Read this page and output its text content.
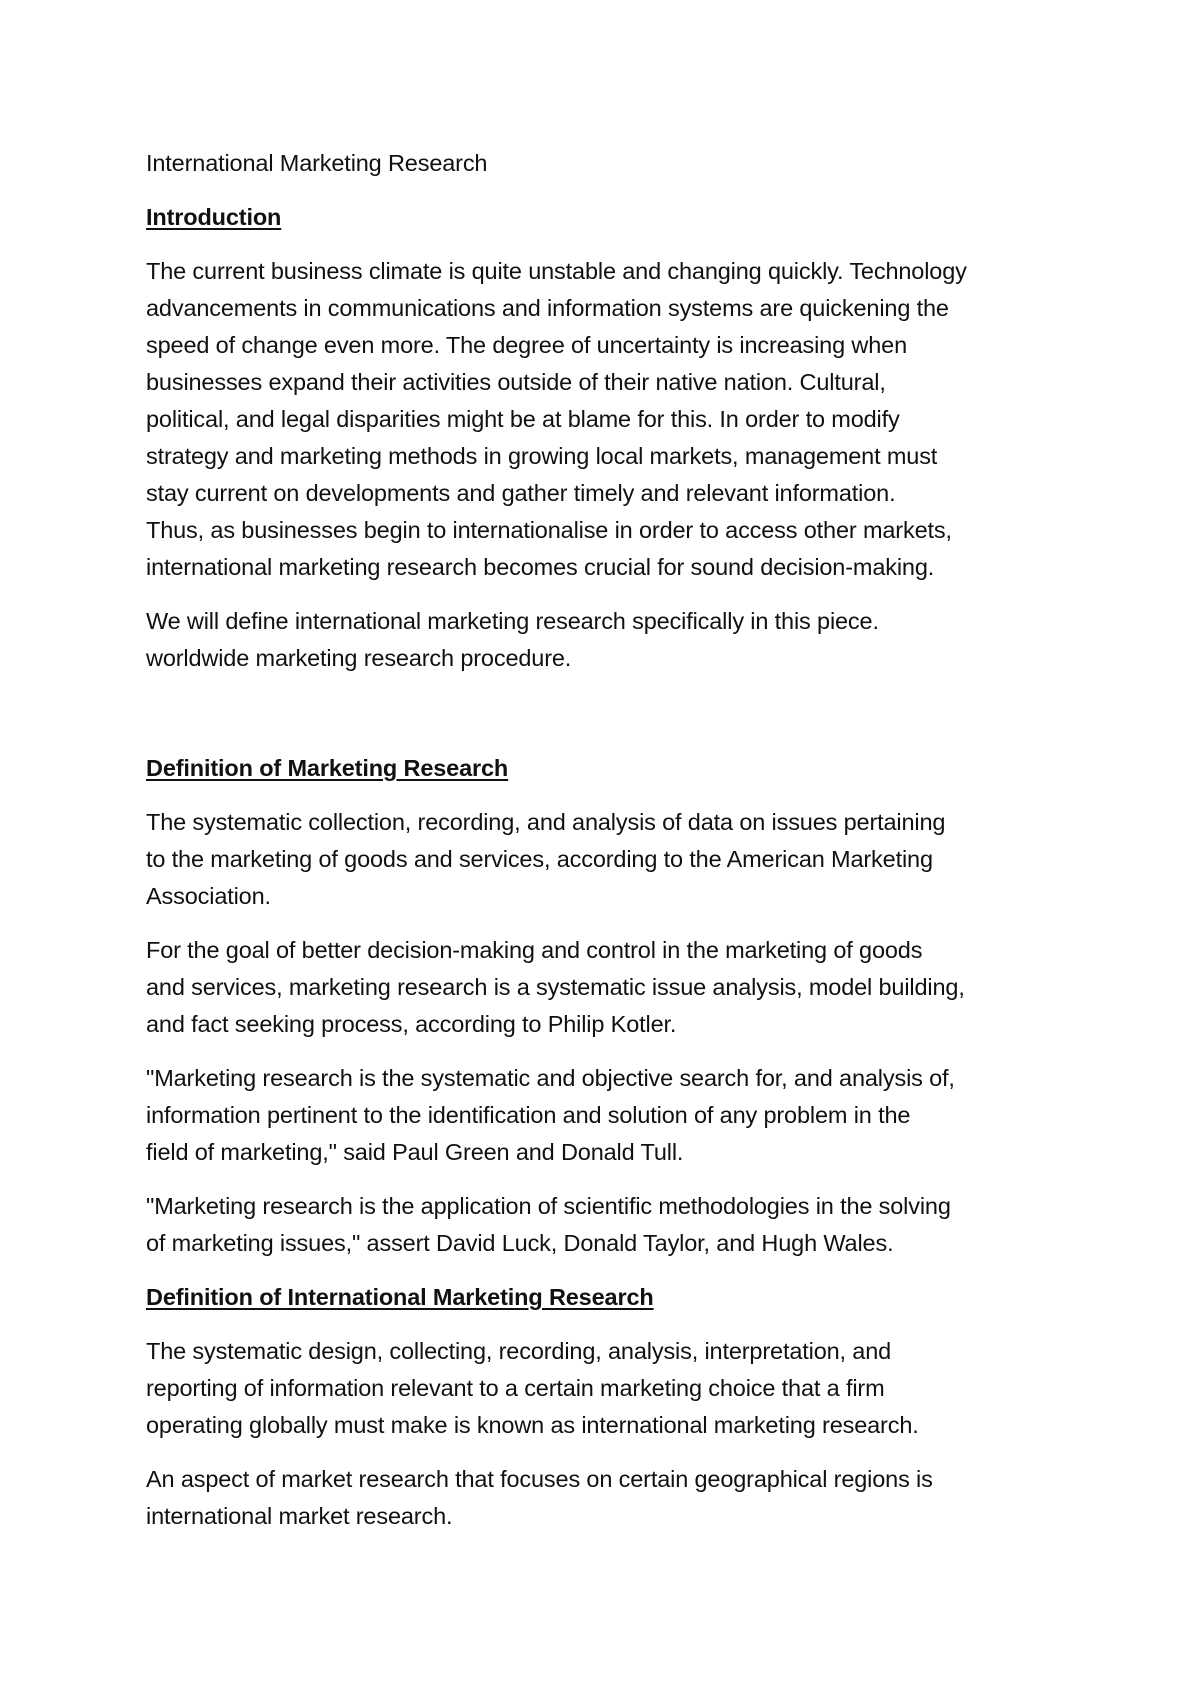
International Marketing Research
Introduction
The current business climate is quite unstable and changing quickly. Technology
advancements in communications and information systems are quickening the
speed of change even more. The degree of uncertainty is increasing when
businesses expand their activities outside of their native nation. Cultural,
political, and legal disparities might be at blame for this. In order to modify
strategy and marketing methods in growing local markets, management must
stay current on developments and gather timely and relevant information.
Thus, as businesses begin to internationalise in order to access other markets,
international marketing research becomes crucial for sound decision-making.
We will define international marketing research specifically in this piece.
worldwide marketing research procedure.
Definition of Marketing Research
The systematic collection, recording, and analysis of data on issues pertaining
to the marketing of goods and services, according to the American Marketing
Association.
For the goal of better decision-making and control in the marketing of goods
and services, marketing research is a systematic issue analysis, model building,
and fact seeking process, according to Philip Kotler.
"Marketing research is the systematic and objective search for, and analysis of,
information pertinent to the identification and solution of any problem in the
field of marketing," said Paul Green and Donald Tull.
"Marketing research is the application of scientific methodologies in the solving
of marketing issues," assert David Luck, Donald Taylor, and Hugh Wales.
Definition of International Marketing Research
The systematic design, collecting, recording, analysis, interpretation, and
reporting of information relevant to a certain marketing choice that a firm
operating globally must make is known as international marketing research.
An aspect of market research that focuses on certain geographical regions is
international market research.
